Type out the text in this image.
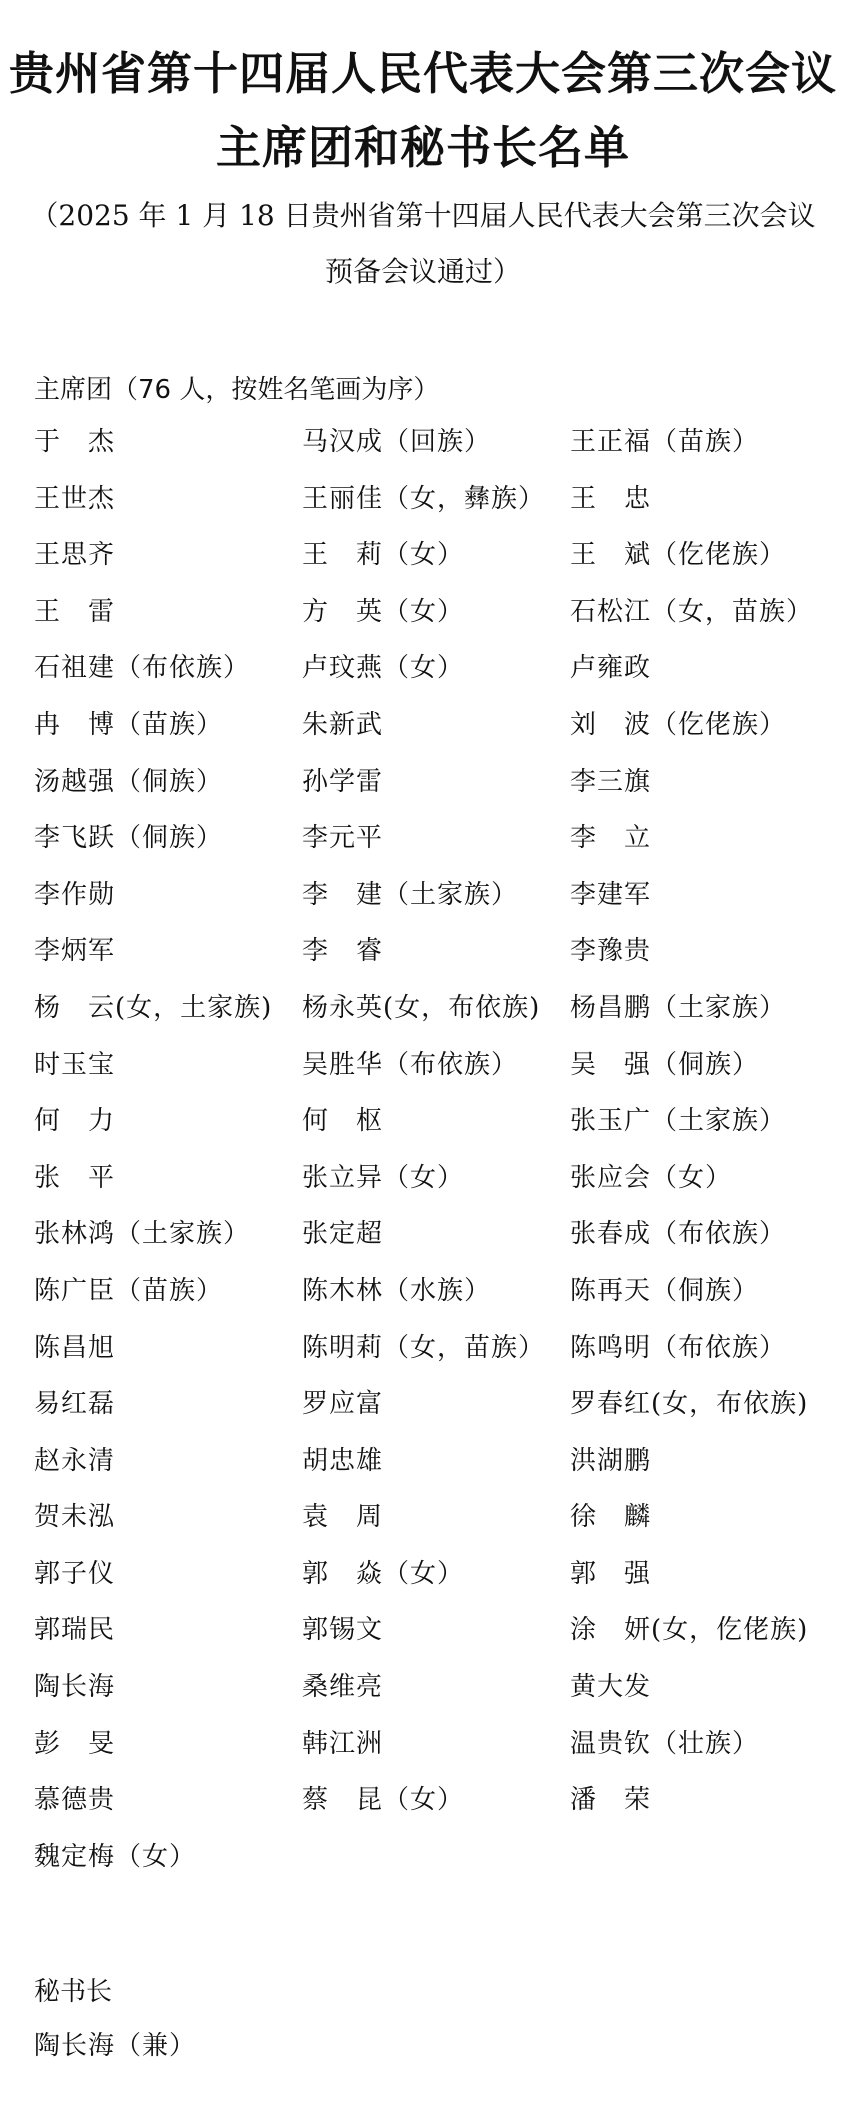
贵州省第十四届人民代表大会第三次会议
主席团和秘书长名单
（2025 年 1 月 18 日贵州省第十四届人民代表大会第三次会议
预备会议通过）
主席团（76 人，按姓名笔画为序）
于　杰	马汉成（回族）	王正福（苗族）
王世杰	王丽佳（女，彝族） 王　忠
王思齐	王　莉（女）	王　斌（仡佬族）
王　雷	方　英（女）	石松江（女，苗族）
石祖建（布依族）	卢玟燕（女）	卢雍政
冉　博（苗族）	朱新武	刘　波（仡佬族）
汤越强（侗族）	孙学雷	李三旗
李飞跃（侗族）	李元平	李　立
李作勋	李　建（土家族）	李建军
李炳军	李　睿	李豫贵
杨　云(女，土家族)	杨永英(女，布依族)	杨昌鹏（土家族）
时玉宝	吴胜华（布依族）	吴　强（侗族）
何　力	何　枢	张玉广（土家族）
张　平	张立异（女）	张应会（女）
张林鸿（土家族）	张定超	张春成（布依族）
陈广臣（苗族）	陈木林（水族）	陈再天（侗族）
陈昌旭	陈明莉（女，苗族） 陈鸣明（布依族）
易红磊	罗应富	罗春红(女，布依族)
赵永清	胡忠雄	洪湖鹏
贺未泓	袁　周	徐　麟
郭子仪	郭　焱（女）	郭　强
郭瑞民	郭锡文	涂　妍(女，仡佬族)
陶长海	桑维亮	黄大发
彭　旻	韩江洲	温贵钦（壮族）
慕德贵	蔡　昆（女）	潘　荣
魏定梅（女）
秘书长
陶长海（兼）
